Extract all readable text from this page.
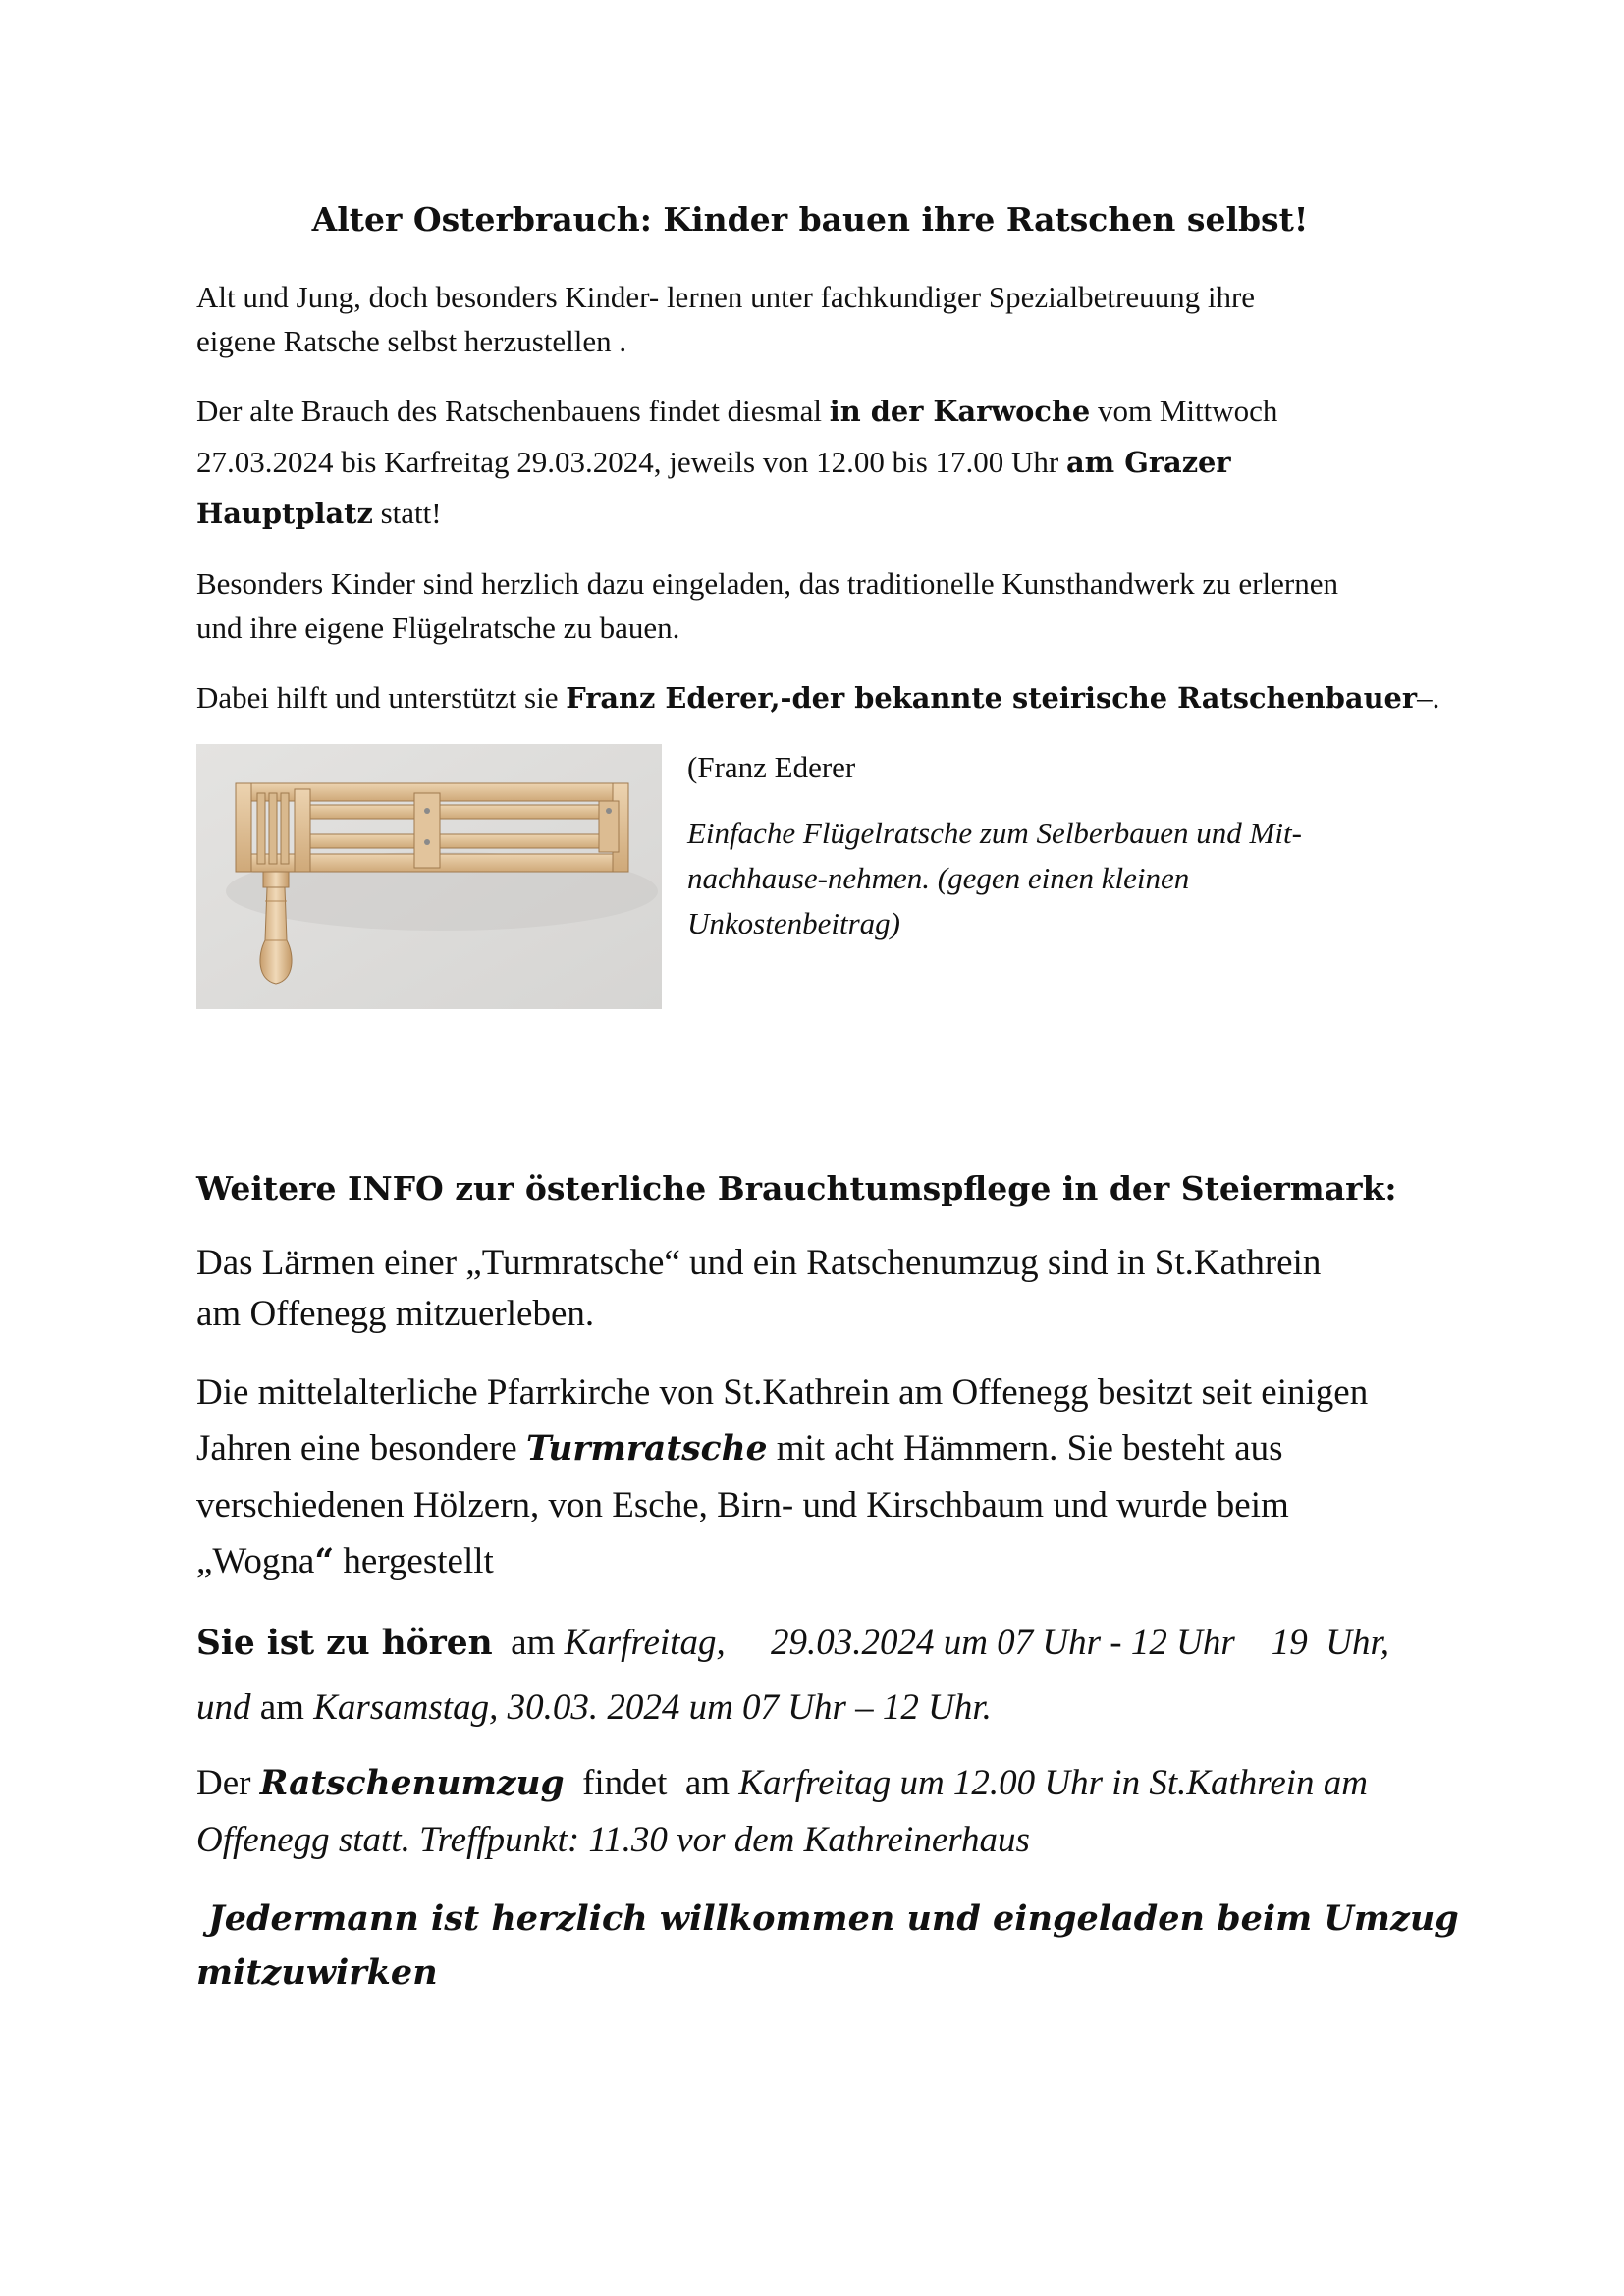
Alter Osterbrauch: Kinder bauen ihre Ratschen selbst!

Alt und Jung, doch besonders Kinder- lernen unter fachkundiger Spezialbetreuung ihre
eigene Ratsche selbst herzustellen .

Der alte Brauch des Ratschenbauens findet diesmal in der Karwoche vom Mittwoch
27.03.2024 bis Karfreitag 29.03.2024, jeweils von 12.00 bis 17.00 Uhr am Grazer
Hauptplatz statt!

Besonders Kinder sind herzlich dazu eingeladen, das traditionelle Kunsthandwerk zu erlernen
und ihre eigene Flügelratsche zu bauen.

Dabei hilft und unterstützt sie Franz Ederer,-der bekannte steirische Ratschenbauer–.

(Franz Ederer
Einfache Flügelratsche zum Selberbauen und Mit-
nachhause-nehmen. (gegen einen kleinen
Unkostenbeitrag)
Weitere INFO zur österliche Brauchtumspflege in der Steiermark:

Das Lärmen einer „Turmratsche“ und ein Ratschenumzug sind in St.Kathrein
am Offenegg mitzuerleben.

Die mittelalterliche Pfarrkirche von St.Kathrein am Offenegg besitzt seit einigen
Jahren eine besondere Turmratsche mit acht Hämmern. Sie besteht aus
verschiedenen Hölzern, von Esche, Birn- und Kirschbaum und wurde beim
„Wogna“ hergestellt

Sie ist zu hören  am Karfreitag,     29.03.2024 um 07 Uhr - 12 Uhr    19  Uhr,
und am Karsamstag, 30.03. 2024 um 07 Uhr – 12 Uhr.

Der Ratschenumzug  findet  am Karfreitag um 12.00 Uhr in St.Kathrein am
Offenegg statt. Treffpunkt: 11.30 vor dem Kathreinerhaus

Jedermann ist herzlich willkommen und eingeladen beim Umzug
mitzuwirken
